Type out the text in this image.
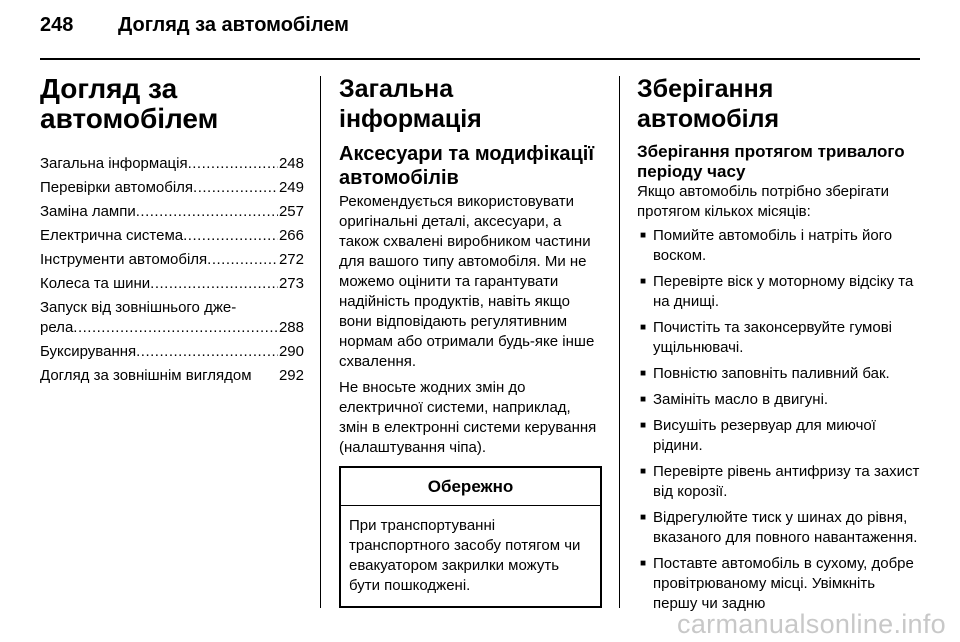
248 Догляд за автомобілем
Догляд за
автомобілем
Загальна інформація .....	248
Перевірки автомобіля .....	249
Заміна лампи .....	257
Електрична система .....	266
Інструменти автомобіля .....	272
Колеса та шини .....	273
Запуск від зовнішнього дже-
рела .....	288
Буксирування .....	290
Догляд за зовнішнім виглядом 292
Загальна інформація
Аксесуари та модифікації автомобілів

Рекомендується використовувати оригінальні деталі, аксесуари, а також схвалені виробником частини для вашого типу автомобіля. Ми не можемо оцінити та гарантувати надійність продуктів, навіть якщо вони відповідають регулятивним нормам або отримали будь-яке інше схвалення.

Не вносьте жодних змін до електричної системи, наприклад, змін в електронні системи керування (налаштування чіпа).

Обережно
При транспортуванні транспортного засобу потягом чи евакуатором закрилки можуть бути пошкоджені.
Зберігання автомобіля
Зберігання протягом тривалого періоду часу

Якщо автомобіль потрібно зберігати протягом кількох місяців:

■ Помийте автомобіль і натріть його воском.
■ Перевірте віск у моторному відсіку та на днищі.
■ Почистіть та законсервуйте гумові ущільнювачі.
■ Повністю заповніть паливний бак.
■ Замініть масло в двигуні.
■ Висушіть резервуар для миючої рідини.
■ Перевірте рівень антифризу та захист від корозії.
■ Відрегулюйте тиск у шинах до рівня, вказаного для повного навантаження.
■ Поставте автомобіль в сухому, добре провітрюваному місці. Увімкніть першу чи задню
carmanualsonline.info
